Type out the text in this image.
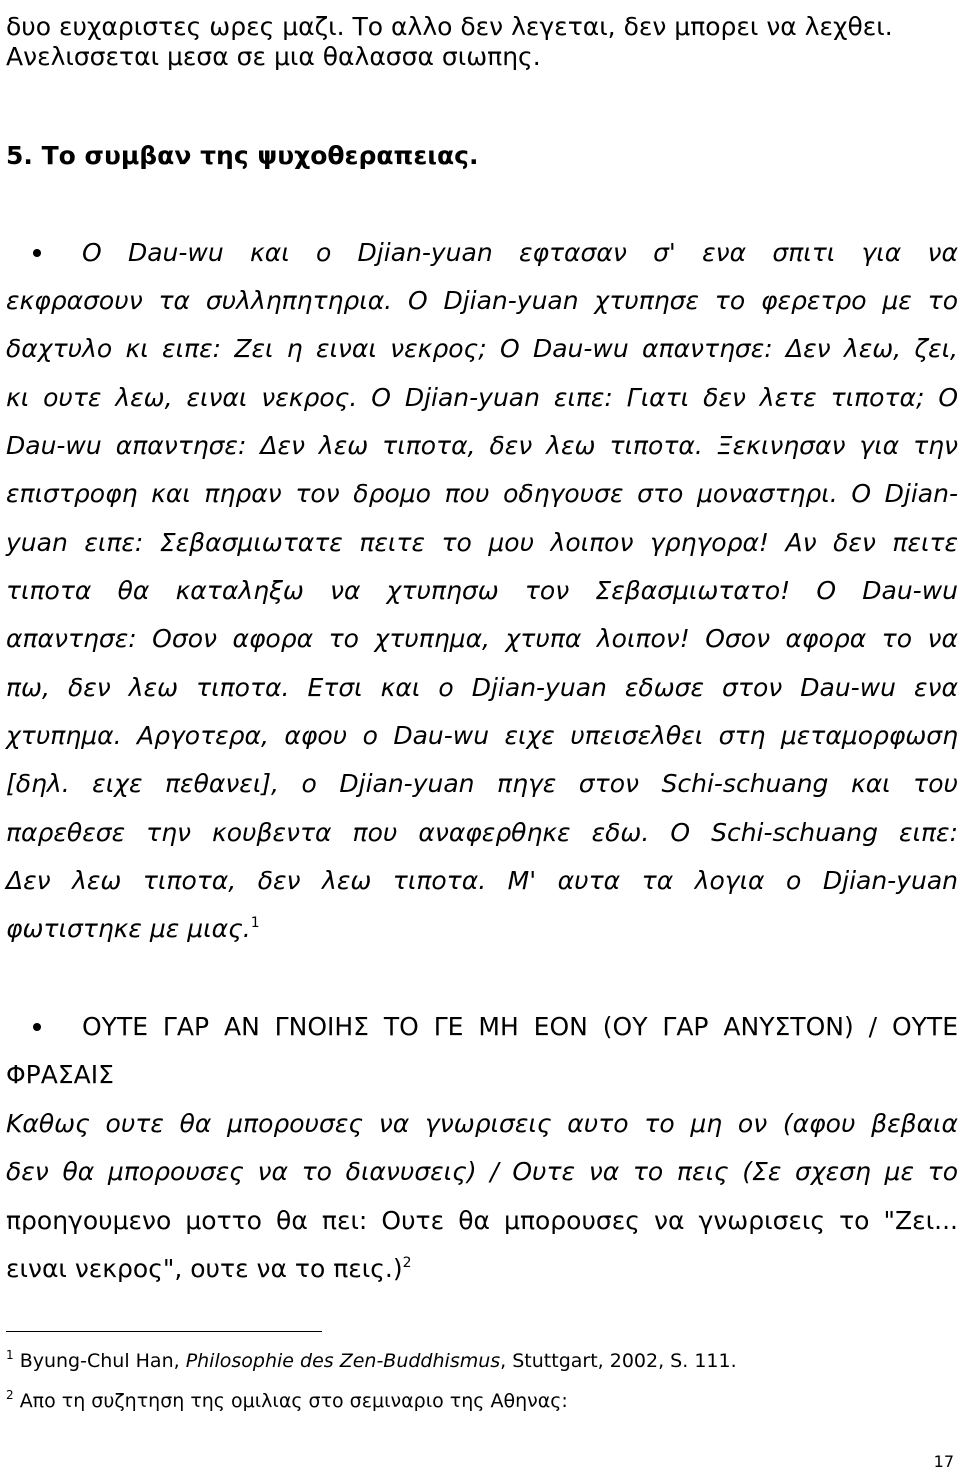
δυο ευχαριστες ωρες μαζι. Το αλλο δεν λεγεται, δεν μπορει να λεχθει.

Ανελισσεται μεσα σε μια θαλασσα σιωπης.

5. Το συμβαν της ψυχοθεραπειας.

Ο Dau-wu και ο Djian-yuan εφτασαν σ' ενα σπιτι για να

εκφρασουν τα συλληπητηρια. Ο Djian-yuan χτυπησε το φερετρο με το

δαχτυλο κι ειπε: Ζει η ειναι νεκρος; Ο Dau-wu απαντησε: Δεν λεω, ζει,

κι ουτε λεω, ειναι νεκρος. Ο Djian-yuan ειπε: Γιατι δεν λετε τιποτα; Ο

Dau-wu απαντησε: Δεν λεω τιποτα, δεν λεω τιποτα. Ξεκινησαν για την

επιστροφη και πηραν τον δρομο που οδηγουσε στο μοναστηρι. Ο Djian-

yuan ειπε: Σεβασμιωτατε πειτε το μου λοιπον γρηγορα! Αν δεν πειτε

τιποτα θα καταληξω να χτυπησω τον Σεβασμιωτατο! Ο Dau-wu

απαντησε: Οσον αφορα το χτυπημα, χτυπα λοιπον! Οσον αφορα το να

πω, δεν λεω τιποτα. Ετσι και ο Djian-yuan εδωσε στον Dau-wu ενα

χτυπημα. Αργοτερα, αφου ο Dau-wu ειχε υπεισελθει στη μεταμορφωση

[δηλ. ειχε πεθανει], ο Djian-yuan πηγε στον Schi-schuang και του

παρεθεσε την κουβεντα που αναφερθηκε εδω. Ο Schi-schuang ειπε:

Δεν λεω τιποτα, δεν λεω τιποτα. Μ' αυτα τα λογια ο Djian-yuan

φωτιστηκε με μιας.$^1$

ΟΥΤΕ ΓΑΡ ΑΝ ΓΝΟΙΗΣ ΤΟ ΓΕ ΜΗ ΕΟΝ (ΟΥ ΓΑΡ ΑΝΥΣΤΟΝ) / ΟΥΤΕ

ΦΡΑΣΑΙΣ

Καθως ουτε θα μπορουσες να γνωρισεις αυτο το μη ον (αφου βεβαια

δεν θα μπορουσες να το διανυσεις) / Ουτε να το πεις (Σε σχεση με το

προηγουμενο μοττο θα πει: Ουτε θα μπορουσες να γνωρισεις το "Ζει...

ειναι νεκρος", ουτε να το πεις.)$^2$

$^1$ Byung-Chul Han, Philosophie des Zen-Buddhismus, Stuttgart, 2002, S. 111.
$^2$ Απο τη συζητηση της ομιλιας στο σεμιναριο της Αθηνας:
17
